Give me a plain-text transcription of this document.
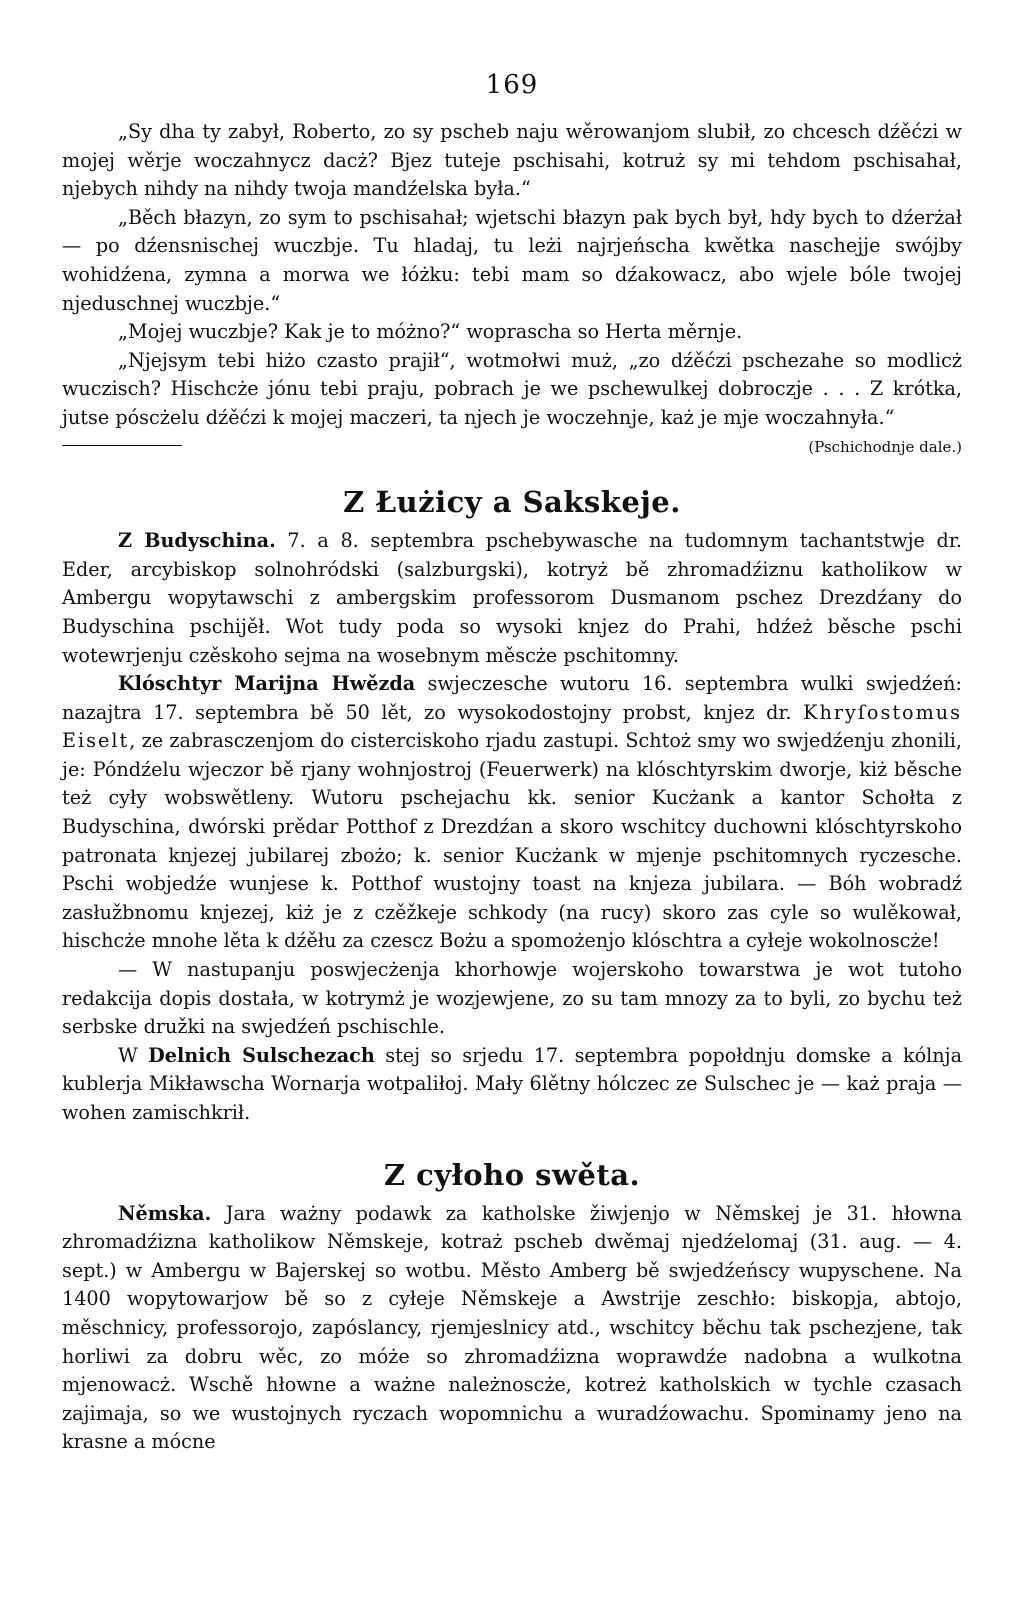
169

„Sy dha ty zabył, Roberto, zo sy pscheb naju wěrowanjom slubił, zo chcesch dźěćzi w mojej wěrje woczahnycz dacż? Bjez tuteje pschisahi, kotruż sy mi tehdom pschisahał, njebych nihdy na nihdy twoja mandźelska była.“

„Běch błazyn, zo sym to pschisahał; wjetschi błazyn pak bych był, hdy bych to dźerżał — po dźensnischej wuczbje. Tu hladaj, tu leżi najrjeńscha kwětka naschejje swójby wohidźena, zymna a morwa we łóżku: tebi mam so dźakowacz, abo wjele bóle twojej njeduschnej wuczbje.“

„Mojej wuczbje? Kak je to móżno?“ woprascha so Herta měrnje.

„Njejsym tebi hiżo czasto prajił“, wotmołwi muż, „zo dźěćzi pschezahe so modlicż wuczisch? Hischcże jónu tebi praju, pobrach je we pschewulkej dobroczje . . . Z krótka, jutse póscżelu dźěćzi k mojej maczeri, ta njech je woczehnje, każ je mje woczahnyła.“

(Pschichodnje dale.)

Z Łużicy a Sakskeje.

Z Budyschina. 7. a 8. septembra pschebywasche na tudomnym tachantstwje dr. Eder, arcybiskop solnohródski (salzburgski), kotryż bě zhromadźiznu katholikow w Ambergu wopytawschi z ambergskim professorom Dusmanom pschez Drezdźany do Budyschina pschijěł. Wot tudy poda so wysoki knjez do Prahi, hdźeż běsche pschi wotewrjenju czěskoho sejma na wosebnym měscże pschitomny.

Klóschtyr Marijna Hwězda swjeczesche wutoru 16. septembra wulki swjedźeń: nazajtra 17. septembra bě 50 lět, zo wysokodostojny probst, knjez dr. Khryſostomus Eiselt, ze zabrasczenjom do cisterciskoho rjadu zastupi. Schtoż smy wo swjedźenju zhonili, je: Póndźelu wjeczor bě rjany wohnjostroj (Feuerwerk) na klóschtyrskim dworje, kiż běsche też cyły wobswětleny. Wutoru pschejachu kk. senior Kucżank a kantor Schołta z Budyschina, dwórski prědar Potthof z Drezdźan a skoro wschitcy duchowni klóschtyrskoho patronata knjezej jubilarej zbożo; k. senior Kucżank w mjenje pschitomnych ryczesche. Pschi wobjedźe wunjese k. Potthof wustojny toast na knjeza jubilara. — Bóh wobradź zasłužbnomu knjezej, kiż je z czěžkeje schkody (na rucy) skoro zas cyle so wulěkował, hischcże mnohe lěta k dźěłu za czescz Bożu a spomożenjo klóschtra a cyłeje wokolnoscże!

— W nastupanju poswjecżenja khorhowje wojerskoho towarstwa je wot tutoho redakcija dopis dostała, w kotrymż je wozjewjene, zo su tam mnozy za to byli, zo bychu też serbske družki na swjedźeń pschischle.

W Delnich Sulschezach stej so srjedu 17. septembra popołdnju domske a kólnja kublerja Mikławscha Wornarja wotpaliłoj. Mały 6lětny hólczec ze Sulschec je — każ praja — wohen zamischkrił.

Z cyłoho swěta.

Němska. Jara ważny podawk za katholske žiwjenjo w Němskej je 31. hłowna zhromadźizna katholikow Němskeje, kotraż pscheb dwěmaj njedźelomaj (31. aug. — 4. sept.) w Ambergu w Bajerskej so wotbu. Město Amberg bě swjedźeńscy wupyschene. Na 1400 wopytowarjow bě so z cyłeje Němskeje a Awstrije zeschło: biskopja, abtojo, měschnicy, professorojo, zapóslancy, rjemjeslnicy atd., wschitcy běchu tak pschezjene, tak horliwi za dobru wěc, zo móże so zhromadźizna woprawdźe nadobna a wulkotna mjenowacż. Wschě hłowne a ważne należnoscże, kotreż katholskich w tychle czasach zajimaja, so we wustojnych ryczach wopomnichu a wuradźowachu. Spominamy jeno na krasne a mócne
